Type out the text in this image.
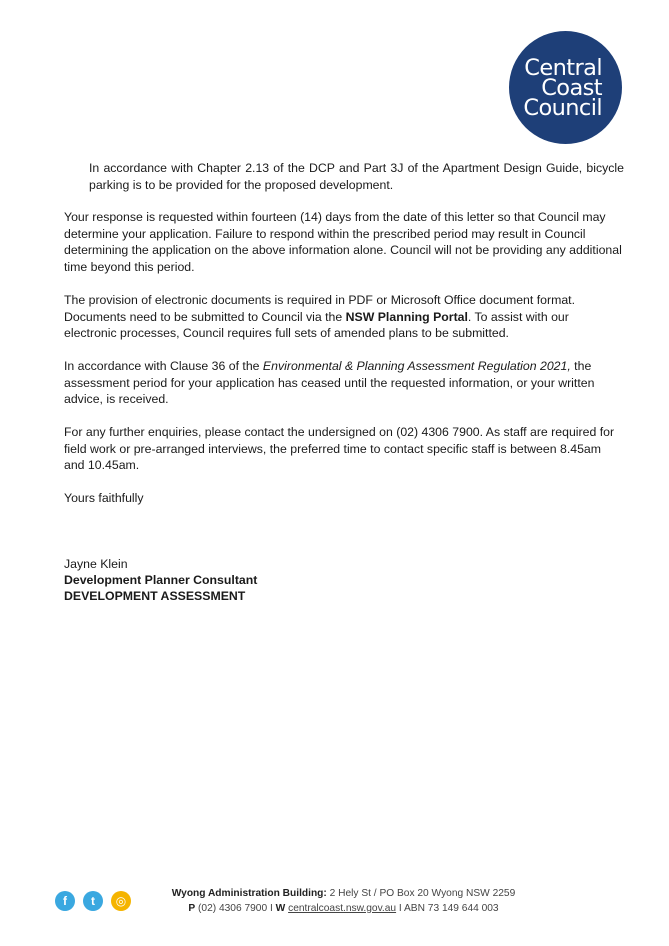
Central
Coast
Council

In accordance with Chapter 2.13 of the DCP and Part 3J of the Apartment Design Guide, bicycle parking is to be provided for the proposed development.

Your response is requested within fourteen (14) days from the date of this letter so that Council may determine your application. Failure to respond within the prescribed period may result in Council determining the application on the above information alone. Council will not be providing any additional time beyond this period.

The provision of electronic documents is required in PDF or Microsoft Office document format. Documents need to be submitted to Council via the NSW Planning Portal. To assist with our electronic processes, Council requires full sets of amended plans to be submitted.

In accordance with Clause 36 of the Environmental & Planning Assessment Regulation 2021, the assessment period for your application has ceased until the requested information, or your written advice, is received.

For any further enquiries, please contact the undersigned on (02) 4306 7900. As staff are required for field work or pre-arranged interviews, the preferred time to contact specific staff is between 8.45am and 10.45am.

Yours faithfully

Jayne Klein

Development Planner Consultant

DEVELOPMENT ASSESSMENT

f	t	◎
Wyong Administration Building: 2 Hely St / PO Box 20 Wyong NSW 2259
P (02) 4306 7900 I W centralcoast.nsw.gov.au I ABN 73 149 644 003
